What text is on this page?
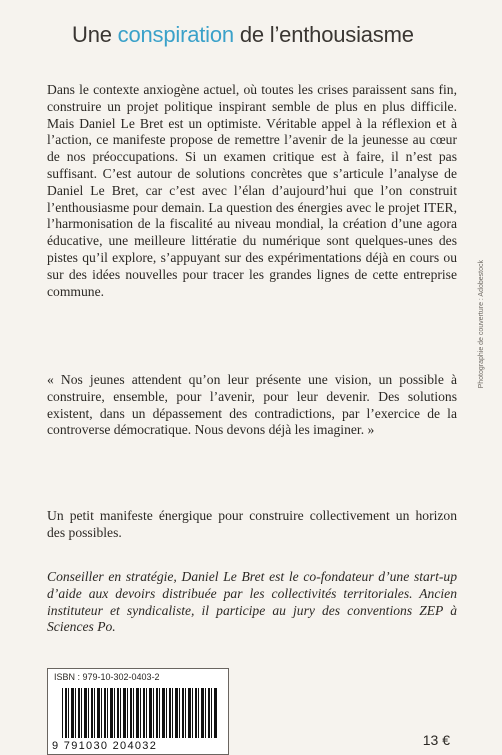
Une conspiration de l’enthousiasme

Dans le contexte anxiogène actuel, où toutes les crises paraissent sans fin, construire un projet politique inspirant semble de plus en plus difficile. Mais Daniel Le Bret est un optimiste. Véritable appel à la réflexion et à l’action, ce manifeste propose de remettre l’avenir de la jeunesse au cœur de nos préoccupations. Si un examen critique est à faire, il n’est pas suffisant. C’est autour de solutions concrètes que s’articule l’analyse de Daniel Le Bret, car c’est avec l’élan d’aujourd’hui que l’on construit l’enthousiasme pour demain. La question des énergies avec le projet ITER, l’harmonisation de la fiscalité au niveau mondial, la création d’une agora éducative, une meilleure littératie du numérique sont quelques-unes des pistes qu’il explore, s’appuyant sur des expérimentations déjà en cours ou sur des idées nouvelles pour tracer les grandes lignes de cette entreprise commune.

« Nos jeunes attendent qu’on leur présente une vision, un possible à construire, ensemble, pour l’avenir, pour leur devenir. Des solutions existent, dans un dépassement des contradictions, par l’exercice de la controverse démocratique. Nous devons déjà les imaginer. »

Un petit manifeste énergique pour construire collectivement un horizon des possibles.

Conseiller en stratégie, Daniel Le Bret est le co-fondateur d’une start-up d’aide aux devoirs distribuée par les collectivités territoriales. Ancien instituteur et syndicaliste, il participe au jury des conventions ZEP à Sciences Po.

Photographie de couverture : Adobestock
ISBN : 979-10-302-0403-2
9 791030 204032	13 €
